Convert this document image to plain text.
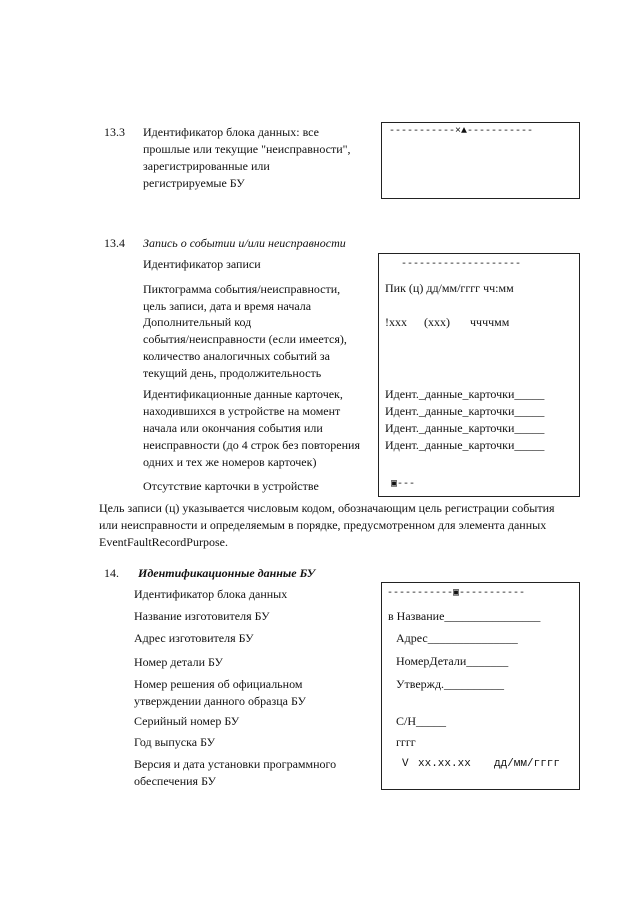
13.3 Идентификатор блока данных: все
прошлые или текущие "неисправности",
зарегистрированные или
регистрируемые БУ
-----------×▲-----------
13.4 Запись о событии и/или неисправности
Идентификатор записи
Пиктограмма события/неисправности,
цель записи, дата и время начала
Дополнительный код
события/неисправности (если имеется),
количество аналогичных событий за
текущий день, продолжительность
Идентификационные данные карточек,
находившихся в устройстве на момент
начала или окончания события или
неисправности (до 4 строк без повторения
одних и тех же номеров карточек)
Отсутствие карточки в устройстве
--------------------
Пик (ц) дд/мм/гггг чч:мм
!xxx (xxx) ччччмм
Идент._данные_карточки_____
Идент._данные_карточки_____
Идент._данные_карточки_____
Идент._данные_карточки_____
▣---
Цель записи (ц) указывается числовым кодом, обозначающим цель регистрации события
или неисправности и определяемым в порядке, предусмотренном для элемента данных
EventFaultRecordPurpose.
14. Идентификационные данные БУ
Идентификатор блока данных
Название изготовителя БУ
Адрес изготовителя БУ
Номер детали БУ
Номер решения об официальном
утверждении данного образца БУ
Серийный номер БУ
Год выпуска БУ
Версия и дата установки программного
обеспечения БУ
-----------▣-----------
в Название________________
Адрес_______________
НомерДетали_______
Утвержд.__________
С/Н_____
гггг
V xx.xx.xx дд/мм/гггг
